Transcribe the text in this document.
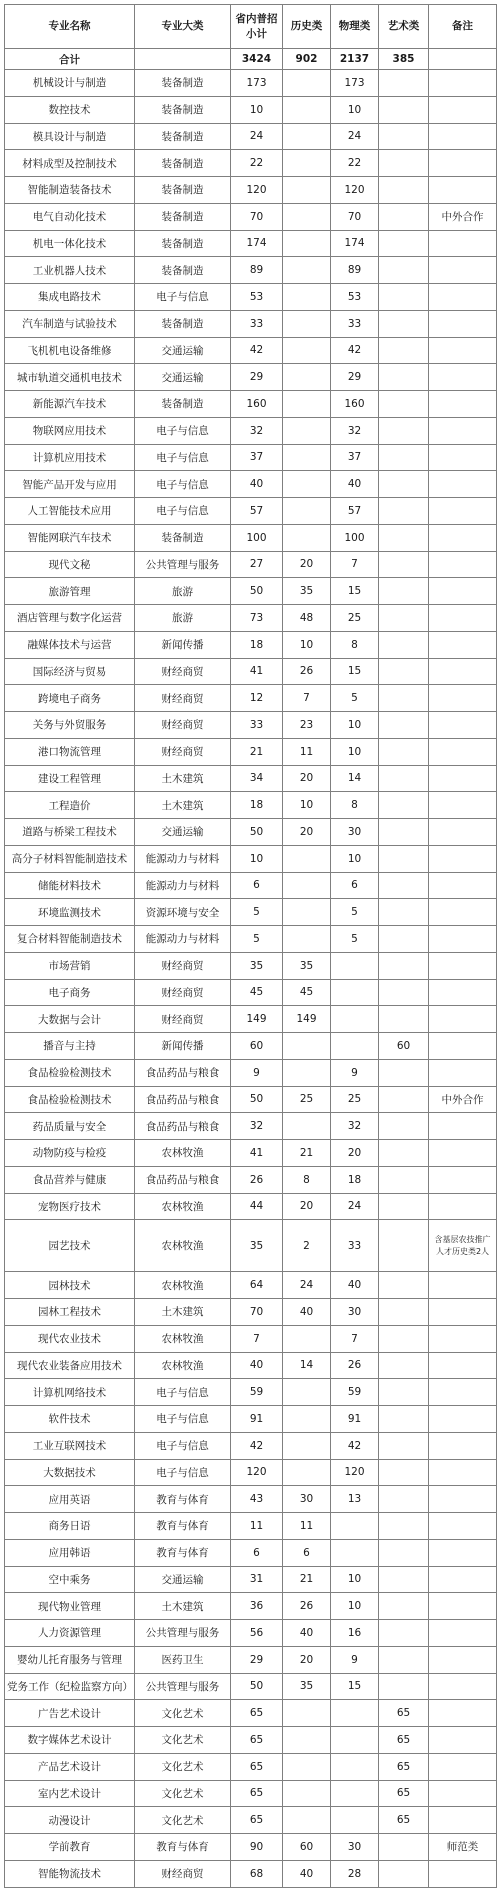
专业名称	专业大类	省内普招小计	历史类	物理类	艺术类	备注
合计		3424	902	2137	385	
机械设计与制造	装备制造	173		173		
数控技术	装备制造	10		10		
模具设计与制造	装备制造	24		24		
材料成型及控制技术	装备制造	22		22		
智能制造装备技术	装备制造	120		120		
电气自动化技术	装备制造	70		70		中外合作
机电一体化技术	装备制造	174		174		
工业机器人技术	装备制造	89		89		
集成电路技术	电子与信息	53		53		
汽车制造与试验技术	装备制造	33		33		
飞机机电设备维修	交通运输	42		42		
城市轨道交通机电技术	交通运输	29		29		
新能源汽车技术	装备制造	160		160		
物联网应用技术	电子与信息	32		32		
计算机应用技术	电子与信息	37		37		
智能产品开发与应用	电子与信息	40		40		
人工智能技术应用	电子与信息	57		57		
智能网联汽车技术	装备制造	100		100		
现代文秘	公共管理与服务	27	20	7		
旅游管理	旅游	50	35	15		
酒店管理与数字化运营	旅游	73	48	25		
融媒体技术与运营	新闻传播	18	10	8		
国际经济与贸易	财经商贸	41	26	15		
跨境电子商务	财经商贸	12	7	5		
关务与外贸服务	财经商贸	33	23	10		
港口物流管理	财经商贸	21	11	10		
建设工程管理	土木建筑	34	20	14		
工程造价	土木建筑	18	10	8		
道路与桥梁工程技术	交通运输	50	20	30		
高分子材料智能制造技术	能源动力与材料	10		10		
储能材料技术	能源动力与材料	6		6		
环境监测技术	资源环境与安全	5		5		
复合材料智能制造技术	能源动力与材料	5		5		
市场营销	财经商贸	35	35			
电子商务	财经商贸	45	45			
大数据与会计	财经商贸	149	149			
播音与主持	新闻传播	60			60	
食品检验检测技术	食品药品与粮食	9		9		
食品检验检测技术	食品药品与粮食	50	25	25		中外合作
药品质量与安全	食品药品与粮食	32		32		
动物防疫与检疫	农林牧渔	41	21	20		
食品营养与健康	食品药品与粮食	26	8	18		
宠物医疗技术	农林牧渔	44	20	24		
园艺技术	农林牧渔	35	2	33		含基层农技推广人才历史类2人
园林技术	农林牧渔	64	24	40		
园林工程技术	土木建筑	70	40	30		
现代农业技术	农林牧渔	7		7		
现代农业装备应用技术	农林牧渔	40	14	26		
计算机网络技术	电子与信息	59		59		
软件技术	电子与信息	91		91		
工业互联网技术	电子与信息	42		42		
大数据技术	电子与信息	120		120		
应用英语	教育与体育	43	30	13		
商务日语	教育与体育	11	11			
应用韩语	教育与体育	6	6			
空中乘务	交通运输	31	21	10		
现代物业管理	土木建筑	36	26	10		
人力资源管理	公共管理与服务	56	40	16		
婴幼儿托育服务与管理	医药卫生	29	20	9		
党务工作（纪检监察方向）	公共管理与服务	50	35	15		
广告艺术设计	文化艺术	65			65	
数字媒体艺术设计	文化艺术	65			65	
产品艺术设计	文化艺术	65			65	
室内艺术设计	文化艺术	65			65	
动漫设计	文化艺术	65			65	
学前教育	教育与体育	90	60	30		师范类
智能物流技术	财经商贸	68	40	28		
